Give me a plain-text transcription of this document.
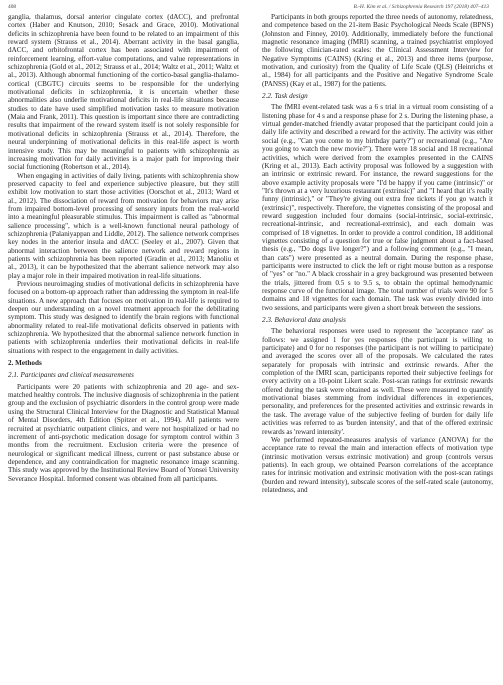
408	B.-H. Kim et al. / Schizophrenia Research 197 (2018) 407–413

ganglia, thalamus, dorsal anterior cingulate cortex (dACC), and prefrontal cortex (Haber and Knutson, 2010; Sesack and Grace, 2010). Motivational deficits in schizophrenia have been found to be related to an impairment of this reward system (Strauss et al., 2014). Aberrant activity in the basal ganglia, dACC, and orbitofrontal cortex has been associated with impairment of reinforcement learning, effort-value computations, and value representations in schizophrenia (Gold et al., 2012; Strauss et al., 2014; Waltz et al., 2011; Waltz et al., 2013). Although abnormal functioning of the cortico-basal ganglia-thalamo-cortical (CBGTC) circuits seems to be responsible for the underlying motivational deficits in schizophrenia, it is uncertain whether these abnormalities also underlie motivational deficits in real-life situations because studies to date have used simplified motivation tasks to measure motivation (Maia and Frank, 2011). This question is important since there are contradicting results that impairment of the reward system itself is not solely responsible for motivational deficits in schizophrenia (Strauss et al., 2014). Therefore, the neural underpinning of motivational deficits in this real-life aspect is worth intensive study. This may be meaningful to patients with schizophrenia as increasing motivation for daily activities is a major path for improving their social functioning (Robertson et al., 2014).

When engaging in activities of daily living, patients with schizophrenia show preserved capacity to feel and experience subjective pleasure, but they still exhibit low motivation to start those activities (Oorschot et al., 2013; Ward et al., 2012). The dissociation of reward from motivation for behaviors may arise from impaired bottom-level processing of sensory inputs from the real-world into a meaningful pleasurable stimulus. This impairment is called as "abnormal salience processing", which is a well-known functional neural pathology of schizophrenia (Palaniyappan and Liddle, 2012). The salience network comprises key nodes in the anterior insula and dACC (Seeley et al., 2007). Given that abnormal interaction between the salience network and reward regions in patients with schizophrenia has been reported (Gradin et al., 2013; Manoliu et al., 2013), it can be hypothesized that the aberrant salience network may also play a major role in their impaired motivation in real-life situations.

Previous neuroimaging studies of motivational deficits in schizophrenia have focused on a bottom-up approach rather than addressing the symptom in real-life situations. A new approach that focuses on motivation in real-life is required to deepen our understanding on a novel treatment approach for the debilitating symptom. This study was designed to identify the brain regions with functional abnormality related to real-life motivational deficits observed in patients with schizophrenia. We hypothesized that the abnormal salience network function in patients with schizophrenia underlies their motivational deficits in real-life situations with respect to the engagement in daily activities.

2. Methods
2.1. Participants and clinical measurements

Participants were 20 patients with schizophrenia and 20 age- and sex-matched healthy controls. The inclusive diagnosis of schizophrenia in the patient group and the exclusion of psychiatric disorders in the control group were made using the Structural Clinical Interview for the Diagnostic and Statistical Manual of Mental Disorders, 4th Edition (Spitzer et al., 1994). All patients were recruited at psychiatric outpatient clinics, and were not hospitalized or had no increment of anti-psychotic medication dosage for symptom control within 3 months from the recruitment. Exclusion criteria were the presence of neurological or significant medical illness, current or past substance abuse or dependence, and any contraindication for magnetic resonance image scanning. This study was approved by the Institutional Review Board of Yonsei University Severance Hospital. Informed consent was obtained from all participants.

Participants in both groups reported the three needs of autonomy, relatedness, and competence based on the 21-item Basic Psychological Needs Scale (BPNS) (Johnston and Finney, 2010). Additionally, immediately before the functional magnetic resonance imaging (fMRI) scanning, a trained psychiatrist employed the following clinician-rated scales: the Clinical Assessment Interview for Negative Symptoms (CAINS) (Kring et al., 2013) and three items (purpose, motivation, and curiosity) from the Quality of Life Scale (QLS) (Heinrichs et al., 1984) for all participants and the Positive and Negative Syndrome Scale (PANSS) (Kay et al., 1987) for the patients.

2.2. Task design

The fMRI event-related task was a 6 s trial in a virtual room consisting of a listening phase for 4 s and a response phase for 2 s. During the listening phase, a virtual gender-matched friendly avatar proposed that the participant could join a daily life activity and described a reward for the activity. The activity was either social (e.g., "Can you come to my birthday party?") or recreational (e.g., "Are you going to watch the new movie?"). There were 18 social and 18 recreational activities, which were derived from the examples presented in the CAINS (Kring et al., 2013). Each activity proposal was followed by a suggestion with an intrinsic or extrinsic reward. For instance, the reward suggestions for the above example activity proposals were "I'd be happy if you came (intrinsic)" or "It's thrown at a very luxurious restaurant (extrinsic)" and "I heard that it's really funny (intrinsic)," or "They're giving out extra free tickets if you go watch it (extrinsic)", respectively. Therefore, the vignettes consisting of the proposal and reward suggestion included four domains (social-intrinsic, social-extrinsic, recreational-intrinsic, and recreational-extrinsic), and each domain was comprised of 18 vignettes. In order to provide a control condition, 18 additional vignettes consisting of a question for true or false judgment about a fact-based thesis (e.g., "Do dogs live longer?") and a following comment (e.g., "I mean, than cats") were presented as a neutral domain. During the response phase, participants were instructed to click the left or right mouse button as a response of "yes" or "no." A black crosshair in a grey background was presented between the trials, jittered from 0.5 s to 9.5 s, to obtain the optimal hemodynamic response curve of the functional image. The total number of trials were 90 for 5 domains and 18 vignettes for each domain. The task was evenly divided into two sessions, and participants were given a short break between the sessions.

2.3. Behavioral data analysis

The behavioral responses were used to represent the 'acceptance rate' as follows: we assigned 1 for yes responses (the participant is willing to participate) and 0 for no responses (the participant is not willing to participate) and averaged the scores over all of the proposals. We calculated the rates separately for proposals with intrinsic and extrinsic rewards. After the completion of the fMRI scan, participants reported their subjective feelings for every activity on a 10-point Likert scale. Post-scan ratings for extrinsic rewards offered during the task were obtained as well. These were measured to quantify motivational biases stemming from individual differences in experiences, personality, and preferences for the presented activities and extrinsic rewards in the task. The average value of the subjective feeling of burden for daily life activities was referred to as 'burden intensity', and that of the offered extrinsic rewards as 'reward intensity'.

We performed repeated-measures analysis of variance (ANOVA) for the acceptance rate to reveal the main and interaction effects of motivation type (intrinsic motivation versus extrinsic motivation) and group (controls versus patients). In each group, we obtained Pearson correlations of the acceptance rates for intrinsic motivation and extrinsic motivation with the post-scan ratings (burden and reward intensity), subscale scores of the self-rated scale (autonomy, relatedness, and
